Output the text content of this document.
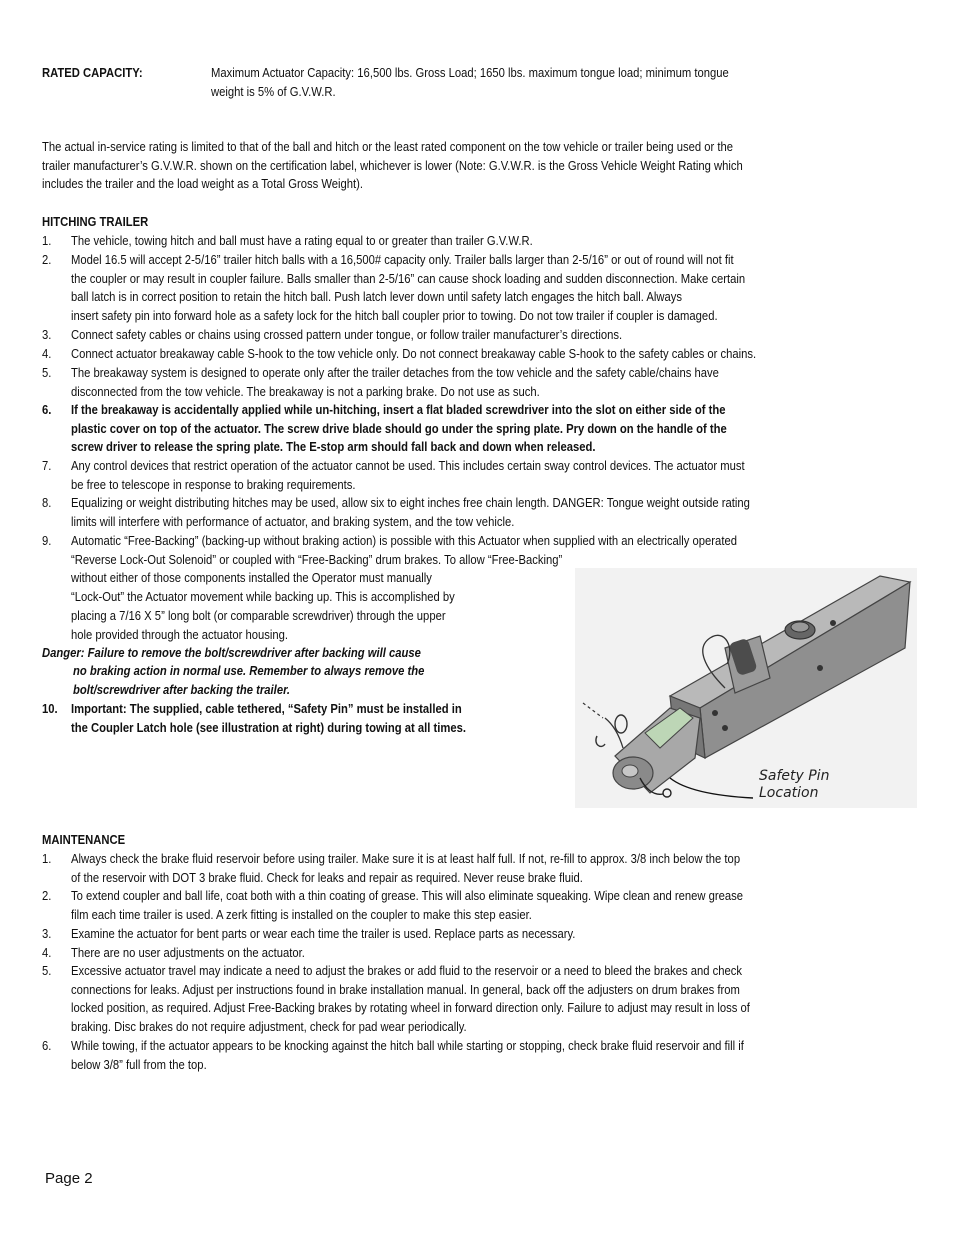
RATED CAPACITY:	Maximum Actuator Capacity: 16,500 lbs. Gross Load; 1650 lbs. maximum tongue load; minimum tongue
weight is 5% of G.V.W.R.
The actual in-service rating is limited to that of the ball and hitch or the least rated component on the tow vehicle or trailer being used or the
trailer manufacturer’s G.V.W.R. shown on the certification label, whichever is lower (Note: G.V.W.R. is the Gross Vehicle Weight Rating which
includes the trailer and the load weight as a Total Gross Weight).
HITCHING TRAILER
1. The vehicle, towing hitch and ball must have a rating equal to or greater than trailer G.V.W.R.
2. Model 16.5 will accept 2-5/16” trailer hitch balls with a 16,500# capacity only. Trailer balls larger than 2-5/16” or out of round will not fit
the coupler or may result in coupler failure. Balls smaller than 2-5/16” can cause shock loading and sudden disconnection. Make certain
ball latch is in correct position to retain the hitch ball. Push latch lever down until safety latch engages the hitch ball. Always
insert safety pin into forward hole as a safety lock for the hitch ball coupler prior to towing. Do not tow trailer if coupler is damaged.
3. Connect safety cables or chains using crossed pattern under tongue, or follow trailer manufacturer’s directions.
4. Connect actuator breakaway cable S-hook to the tow vehicle only. Do not connect breakaway cable S-hook to the safety cables or chains.
5. The breakaway system is designed to operate only after the trailer detaches from the tow vehicle and the safety cable/chains have
disconnected from the tow vehicle. The breakaway is not a parking brake. Do not use as such.
6. If the breakaway is accidentally applied while un-hitching, insert a flat bladed screwdriver into the slot on either side of the
plastic cover on top of the actuator. The screw drive blade should go under the spring plate. Pry down on the handle of the
screw driver to release the spring plate. The E-stop arm should fall back and down when released.
7. Any control devices that restrict operation of the actuator cannot be used. This includes certain sway control devices. The actuator must
be free to telescope in response to braking requirements.
8. Equalizing or weight distributing hitches may be used, allow six to eight inches free chain length. DANGER: Tongue weight outside rating
limits will interfere with performance of actuator, and braking system, and the tow vehicle.
9. Automatic “Free-Backing” (backing-up without braking action) is possible with this Actuator when supplied with an electrically operated
“Reverse Lock-Out Solenoid” or coupled with “Free-Backing” drum brakes. To allow “Free-Backing”
without either of those components installed the Operator must manually
“Lock-Out” the Actuator movement while backing up. This is accomplished by
placing a 7/16 X 5” long bolt (or comparable screwdriver) through the upper
hole provided through the actuator housing.
Danger: Failure to remove the bolt/screwdriver after backing will cause
no braking action in normal use. Remember to always remove the
bolt/screwdriver after backing the trailer.
10. Important: The supplied, cable tethered, “Safety Pin” must be installed in
the Coupler Latch hole (see illustration at right) during towing at all times.
Safety Pin
Location
MAINTENANCE
1. Always check the brake fluid reservoir before using trailer. Make sure it is at least half full. If not, re-fill to approx. 3/8 inch below the top
of the reservoir with DOT 3 brake fluid. Check for leaks and repair as required. Never reuse brake fluid.
2. To extend coupler and ball life, coat both with a thin coating of grease. This will also eliminate squeaking. Wipe clean and renew grease
film each time trailer is used. A zerk fitting is installed on the coupler to make this step easier.
3. Examine the actuator for bent parts or wear each time the trailer is used. Replace parts as necessary.
4. There are no user adjustments on the actuator.
5. Excessive actuator travel may indicate a need to adjust the brakes or add fluid to the reservoir or a need to bleed the brakes and check
connections for leaks. Adjust per instructions found in brake installation manual. In general, back off the adjusters on drum brakes from
locked position, as required. Adjust Free-Backing brakes by rotating wheel in forward direction only. Failure to adjust may result in loss of
braking. Disc brakes do not require adjustment, check for pad wear periodically.
6. While towing, if the actuator appears to be knocking against the hitch ball while starting or stopping, check brake fluid reservoir and fill if
below 3/8” full from the top.
Page 2
